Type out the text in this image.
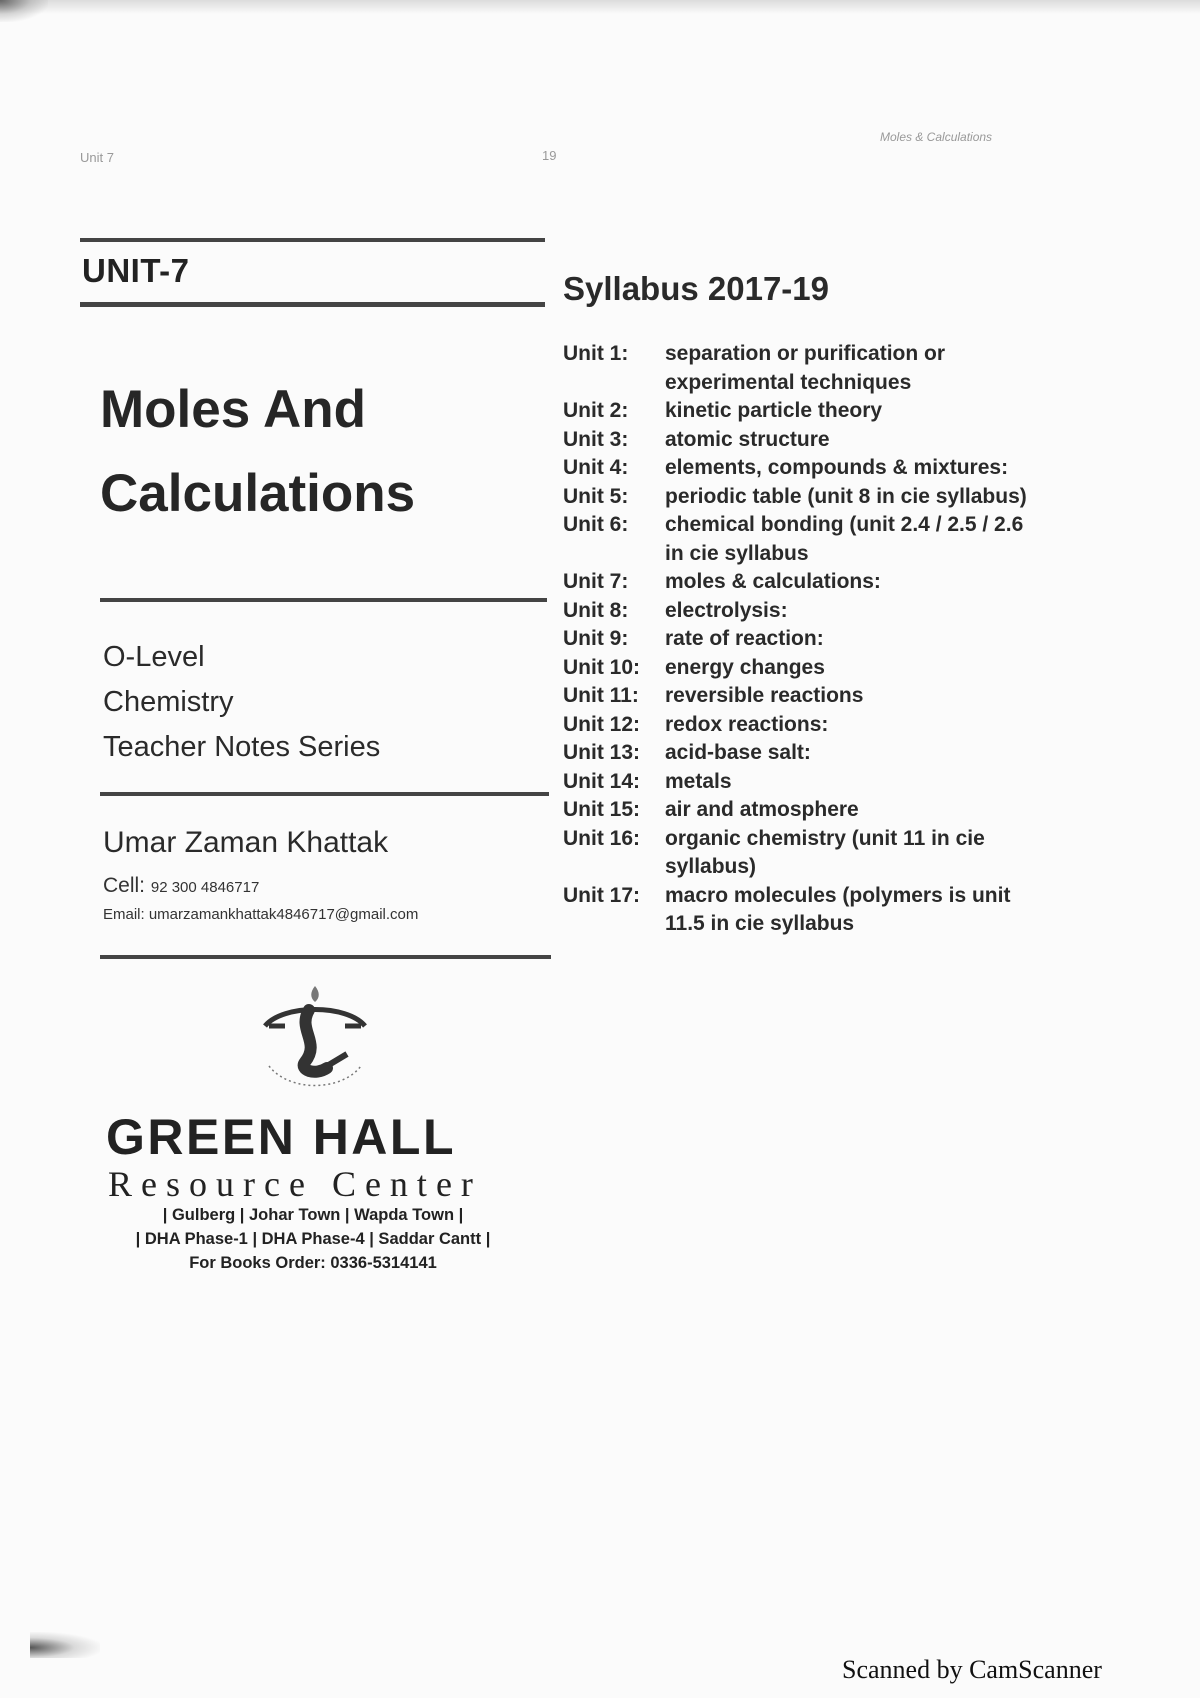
Unit 7	19
Moles & Calculations
UNIT-7
Moles And
Calculations
O-Level
Chemistry
Teacher Notes Series
Umar Zaman Khattak
Cell: 92 300 4846717
Email: umarzamankhattak4846717@gmail.com
GREEN HALL
Resource Center
| Gulberg | Johar Town | Wapda Town |
| DHA Phase-1 | DHA Phase-4 | Saddar Cantt |
For Books Order: 0336-5314141
Syllabus 2017-19
Unit 1:	separation or purification or experimental techniques
Unit 2:	kinetic particle theory
Unit 3:	atomic structure
Unit 4:	elements, compounds & mixtures:
Unit 5:	periodic table (unit 8 in cie syllabus)
Unit 6:	chemical bonding (unit 2.4 / 2.5 / 2.6 in cie syllabus
Unit 7:	moles & calculations:
Unit 8:	electrolysis:
Unit 9:	rate of reaction:
Unit 10:	energy changes
Unit 11:	reversible reactions
Unit 12:	redox reactions:
Unit 13:	acid-base salt:
Unit 14:	metals
Unit 15:	air and atmosphere
Unit 16:	organic chemistry (unit 11 in cie syllabus)
Unit 17:	macro molecules (polymers is unit 11.5 in cie syllabus
Scanned by CamScanner
